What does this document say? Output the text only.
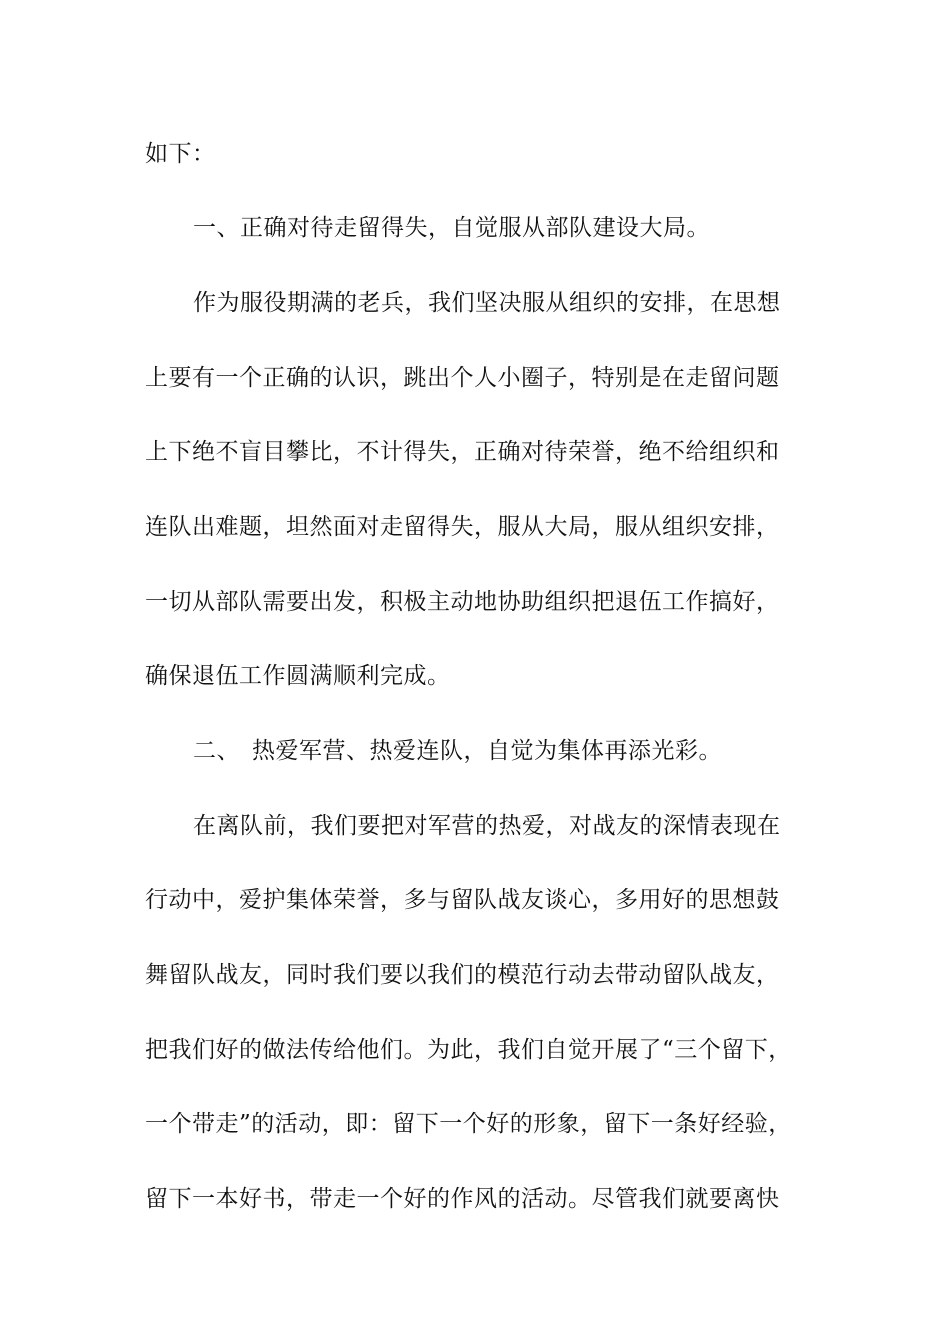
如下：
一、正确对待走留得失，自觉服从部队建设大局。
作为服役期满的老兵，我们坚决服从组织的安排，在思想
上要有一个正确的认识，跳出个人小圈子，特别是在走留问题
上下绝不盲目攀比，不计得失，正确对待荣誉，绝不给组织和
连队出难题，坦然面对走留得失，服从大局，服从组织安排，
一切从部队需要出发，积极主动地协助组织把退伍工作搞好，
确保退伍工作圆满顺利完成。
二、　热爱军营、热爱连队，自觉为集体再添光彩。
在离队前，我们要把对军营的热爱，对战友的深情表现在
行动中，爱护集体荣誉，多与留队战友谈心，多用好的思想鼓
舞留队战友，同时我们要以我们的模范行动去带动留队战友，
把我们好的做法传给他们。为此，我们自觉开展了“三个留下，
一个带走”的活动，即：留下一个好的形象，留下一条好经验，
留下一本好书，带走一个好的作风的活动。尽管我们就要离快
